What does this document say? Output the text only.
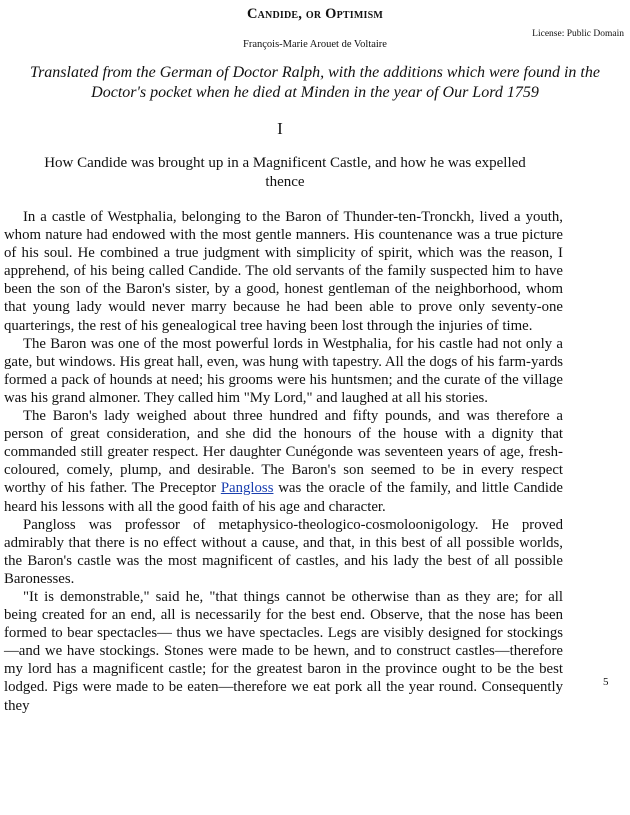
Candide, or Optimism
License: Public Domain
François-Marie Arouet de Voltaire
Translated from the German of Doctor Ralph, with the additions which were found in the Doctor's pocket when he died at Minden in the year of Our Lord 1759
I
How Candide was brought up in a Magnificent Castle, and how he was expelled thence

In a castle of Westphalia, belonging to the Baron of Thunder-ten-Tronckh, lived a youth, whom nature had endowed with the most gentle manners. His countenance was a true picture of his soul. He combined a true judgment with simplicity of spirit, which was the reason, I apprehend, of his being called Candide. The old servants of the family suspected him to have been the son of the Baron's sister, by a good, honest gentleman of the neighborhood, whom that young lady would never marry because he had been able to prove only seventy-one quarterings, the rest of his genealogical tree having been lost through the injuries of time.

The Baron was one of the most powerful lords in Westphalia, for his castle had not only a gate, but windows. His great hall, even, was hung with tapestry. All the dogs of his farm-yards formed a pack of hounds at need; his grooms were his huntsmen; and the curate of the village was his grand almoner. They called him "My Lord," and laughed at all his stories.

The Baron's lady weighed about three hundred and fifty pounds, and was therefore a person of great consideration, and she did the honours of the house with a dignity that commanded still greater respect. Her daughter Cunégonde was seventeen years of age, fresh-coloured, comely, plump, and desirable. The Baron's son seemed to be in every respect worthy of his father. The Preceptor Pangloss was the oracle of the family, and little Candide heard his lessons with all the good faith of his age and character.

Pangloss was professor of metaphysico-theologico-cosmoloonigology. He proved admirably that there is no effect without a cause, and that, in this best of all possible worlds, the Baron's castle was the most magnificent of castles, and his lady the best of all possible Baronesses.

"It is demonstrable," said he, "that things cannot be otherwise than as they are; for all being created for an end, all is necessarily for the best end. Observe, that the nose has been formed to bear spectacles— thus we have spectacles. Legs are visibly designed for stockings—and we have stockings. Stones were made to be hewn, and to construct castles—therefore my lord has a magnificent castle; for the greatest baron in the province ought to be the best lodged. Pigs were made to be eaten—therefore we eat pork all the year round. Consequently they

5
